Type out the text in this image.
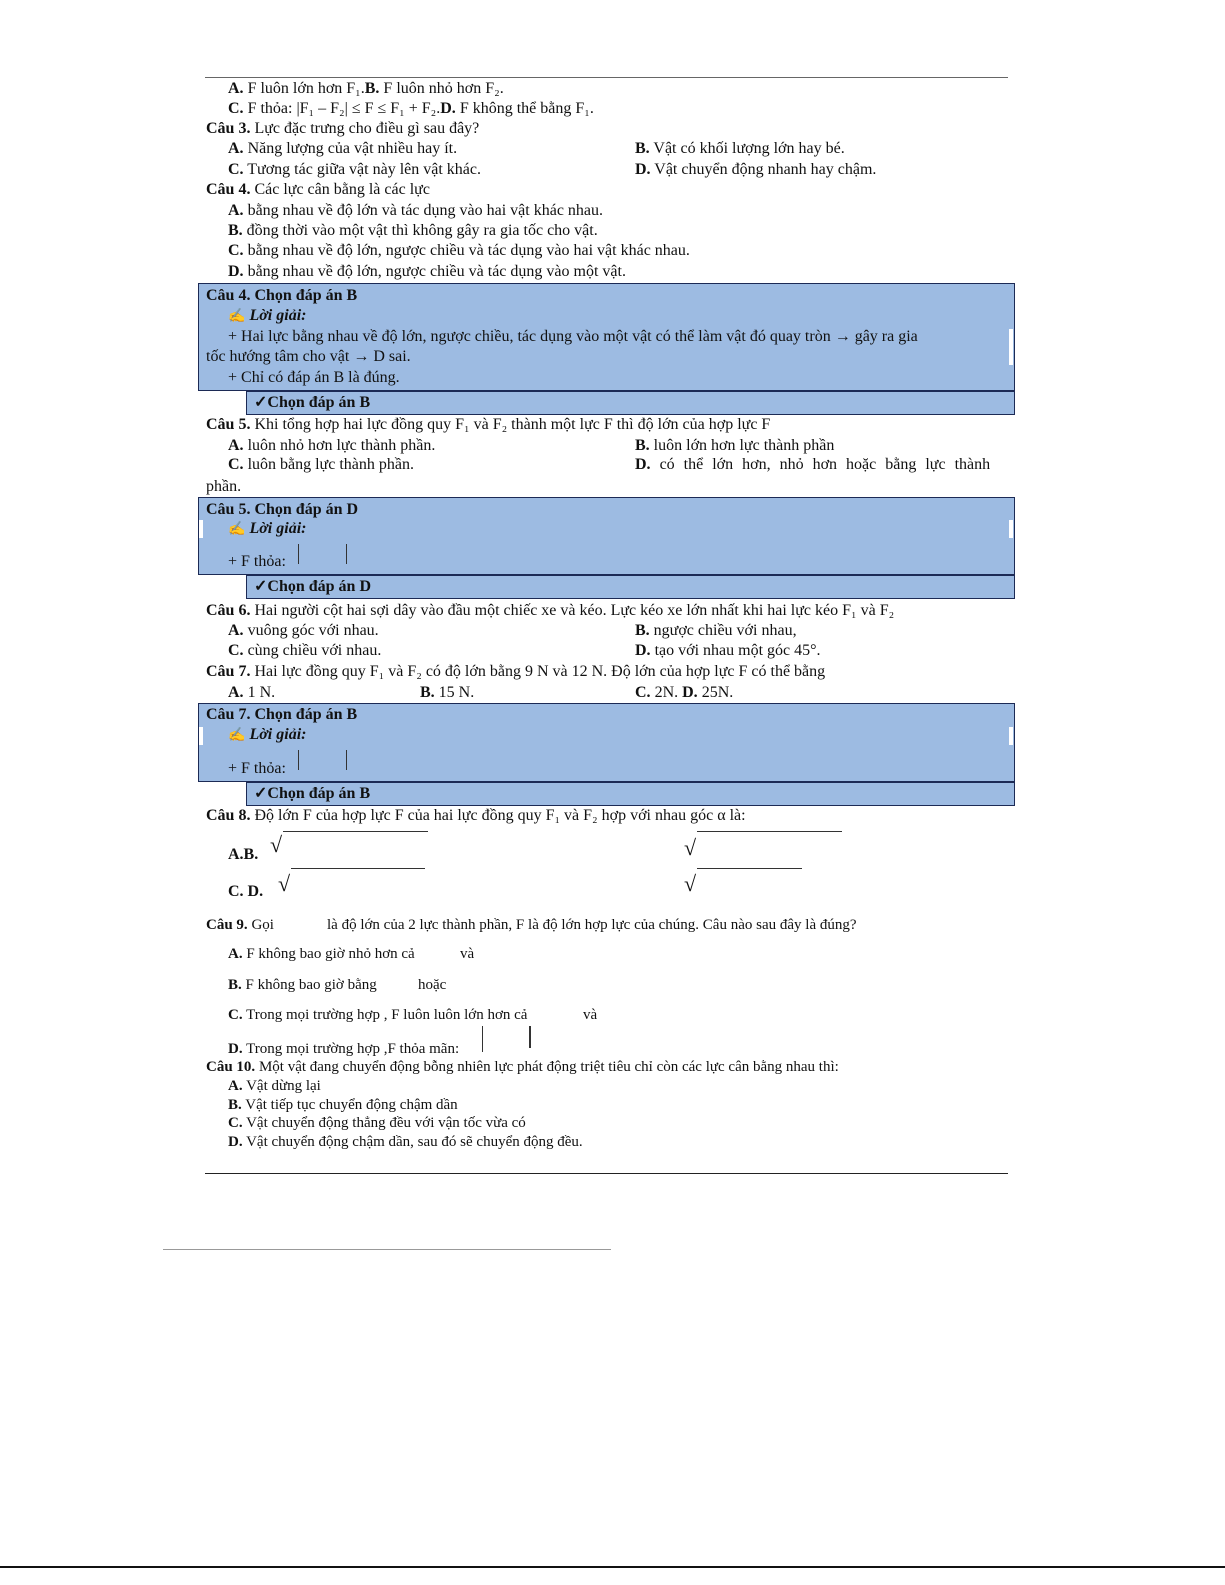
A. F luôn lớn hơn F₁.B. F luôn nhỏ hơn F₂.
C. F thỏa: |F₁ – F₂| ≤ F ≤ F₁ + F₂.D. F không thể bằng F₁.
Câu 3. Lực đặc trưng cho điều gì sau đây?
A. Năng lượng của vật nhiều hay ít.	B. Vật có khối lượng lớn hay bé.
C. Tương tác giữa vật này lên vật khác.	D. Vật chuyển động nhanh hay chậm.
Câu 4. Các lực cân bằng là các lực
A. bằng nhau về độ lớn và tác dụng vào hai vật khác nhau.
B. đồng thời vào một vật thì không gây ra gia tốc cho vật.
C. bằng nhau về độ lớn, ngược chiều và tác dụng vào hai vật khác nhau.
D. bằng nhau về độ lớn, ngược chiều và tác dụng vào một vật.
Câu 4. Chọn đáp án B
✍ Lời giải:
+ Hai lực bằng nhau về độ lớn, ngược chiều, tác dụng vào một vật có thể làm vật đó quay tròn → gây ra gia
tốc hướng tâm cho vật → D sai.
+ Chỉ có đáp án B là đúng.
✓Chọn đáp án B
Câu 5. Khi tổng hợp hai lực đồng quy F₁ và F₂ thành một lực F thì độ lớn của hợp lực F
A. luôn nhỏ hơn lực thành phần.	B. luôn lớn hơn lực thành phần
C. luôn bằng lực thành phần.	D. có thể lớn hơn, nhỏ hơn hoặc bằng lực thành
phần.
Câu 5. Chọn đáp án D
✍ Lời giải:
+ F thỏa:
✓Chọn đáp án D
Câu 6. Hai người cột hai sợi dây vào đầu một chiếc xe và kéo. Lực kéo xe lớn nhất khi hai lực kéo F₁ và F₂
A. vuông góc với nhau.	B. ngược chiều với nhau,
C. cùng chiều với nhau.	D. tạo với nhau một góc 45°.
Câu 7. Hai lực đồng quy F₁ và F₂ có độ lớn bằng 9 N và 12 N. Độ lớn của hợp lực F có thể bằng
A. 1 N.	B. 15 N.	C. 2N. D. 25N.
Câu 7. Chọn đáp án B
✍ Lời giải:
+ F thỏa:
✓Chọn đáp án B
Câu 8. Độ lớn F của hợp lực F của hai lực đồng quy F₁ và F₂ hợp với nhau góc α là:
A.B. √	√
C. D. √	√
Câu 9. Gọi	là độ lớn của 2 lực thành phần, F là độ lớn hợp lực của chúng. Câu nào sau đây là đúng?
A. F không bao giờ nhỏ hơn cả	và
B. F không bao giờ bằng	hoặc
C. Trong mọi trường hợp , F luôn luôn lớn hơn cả	và
D. Trong mọi trường hợp ,F thỏa mãn:
Câu 10. Một vật đang chuyển động bỗng nhiên lực phát động triệt tiêu chỉ còn các lực cân bằng nhau thì:
A. Vật dừng lại
B. Vật tiếp tục chuyển động chậm dần
C. Vật chuyển động thẳng đều với vận tốc vừa có
D. Vật chuyển động chậm dần, sau đó sẽ chuyển động đều.
